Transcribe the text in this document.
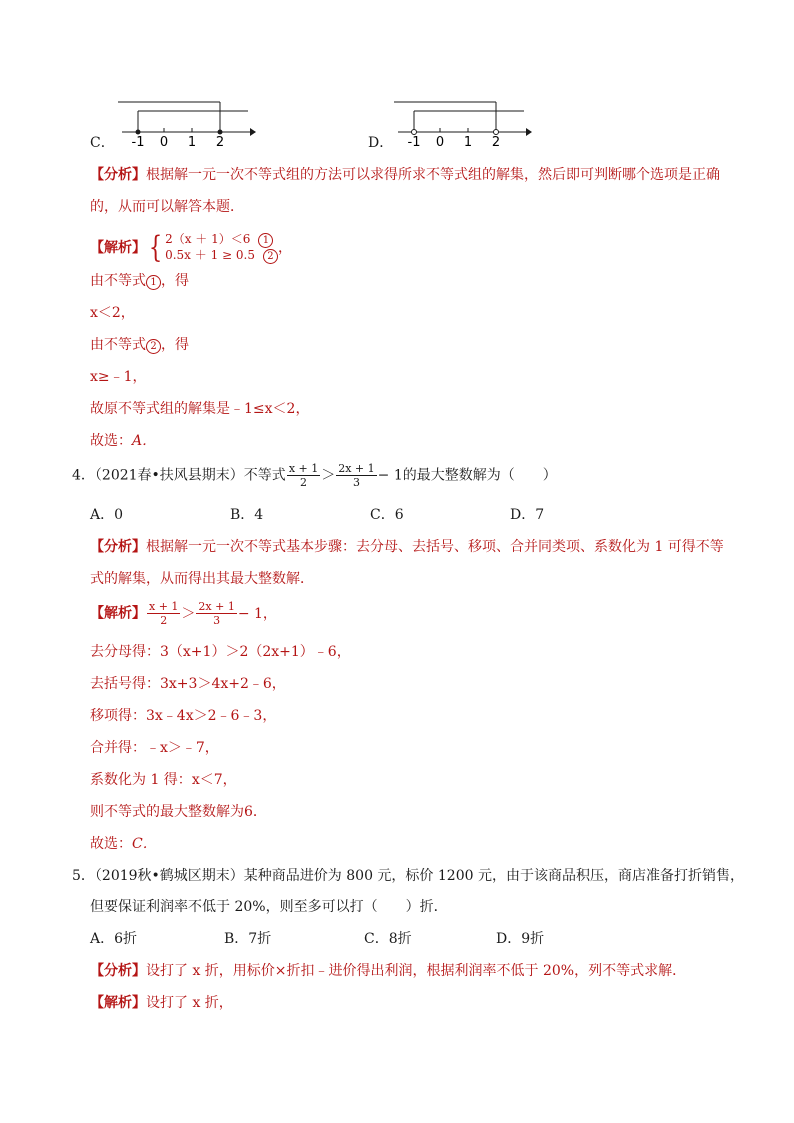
C． -1 0 1 2	D． -1 0 1 2
【分析】根据解一元一次不等式组的方法可以求得所求不等式组的解集，然后即可判断哪个选项是正确
的，从而可以解答本题．
【解析】{ 2（x ＋ 1）＜6 1
0.5x ＋ 1 ≥ 0.5 2
，
由不等式 1 ，得
x＜2，
由不等式 2 ，得
x≥﹣1，
故原不等式组的解集是﹣1≤x＜2，
故选：A．
4．（2021春•扶风县期末）不等式 $\frac{x + 1}{2} > \frac{2x + 1}{3} - 1$的最大整数解为（　　）
A．0	B．4	C．6	D．7
【分析】根据解一元一次不等式基本步骤：去分母、去括号、移项、合并同类项、系数化为 1 可得不等
式的解集，从而得出其最大整数解．
【解析】 $\frac{x + 1}{2} > \frac{2x + 1}{3} - 1$，
去分母得：3（x+1）＞2（2x+1）﹣6，
去括号得：3x+3＞4x+2﹣6，
移项得：3x﹣4x＞2﹣6﹣3，
合并得：﹣x＞﹣7，
系数化为 1 得：x＜7，
则不等式的最大整数解为6．
故选：C．
5．（2019秋•鹤城区期末）某种商品进价为 800 元，标价 1200 元，由于该商品积压，商店准备打折销售，
但要保证利润率不低于 20%，则至多可以打（　　）折．
A．6折	B．7折	C．8折	D．9折
【分析】设打了 x 折，用标价×折扣﹣进价得出利润，根据利润率不低于 20%，列不等式求解．
【解析】设打了 x 折，
